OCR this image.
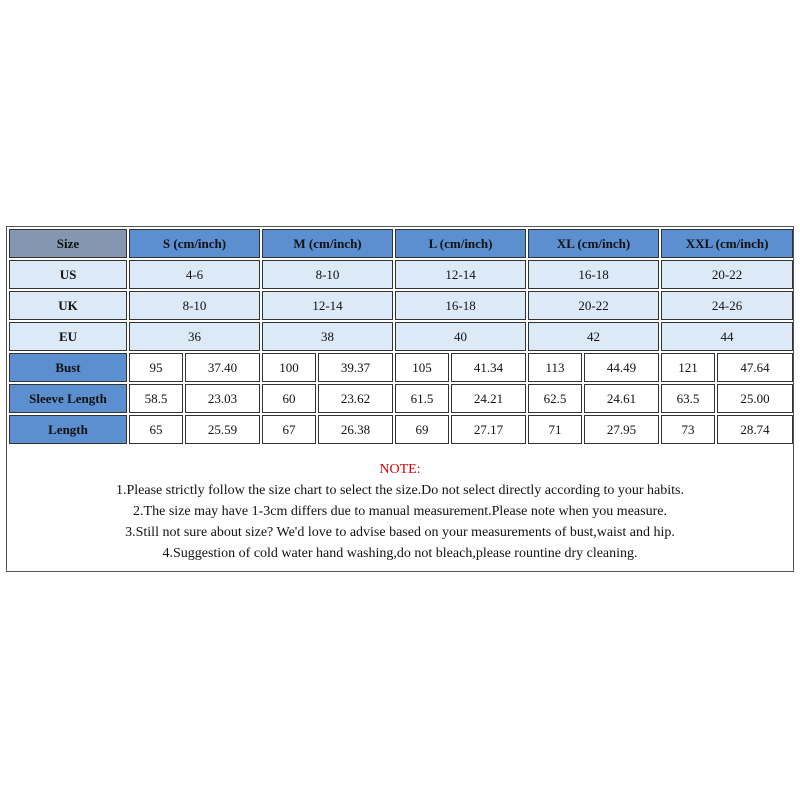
Size	S (cm/inch)		M (cm/inch)		L (cm/inch)		XL (cm/inch)		XXL (cm/inch)	
US	4-6		8-10		12-14		16-18		20-22	
UK	8-10		12-14		16-18		20-22		24-26	
EU	36		38		40		42		44	
Bust	95	37.40	100	39.37	105	41.34	113	44.49	121	47.64
Sleeve Length	58.5	23.03	60	23.62	61.5	24.21	62.5	24.61	63.5	25.00
Length	65	25.59	67	26.38	69	27.17	71	27.95	73	28.74
NOTE:
1.Please strictly follow the size chart to select the size.Do not select directly according to your habits.
2.The size may have 1-3cm differs due to manual measurement.Please note when you measure.
3.Still not sure about size? We'd love to advise based on your measurements of bust,waist and hip.
4.Suggestion of cold water hand washing,do not bleach,please rountine dry cleaning.
